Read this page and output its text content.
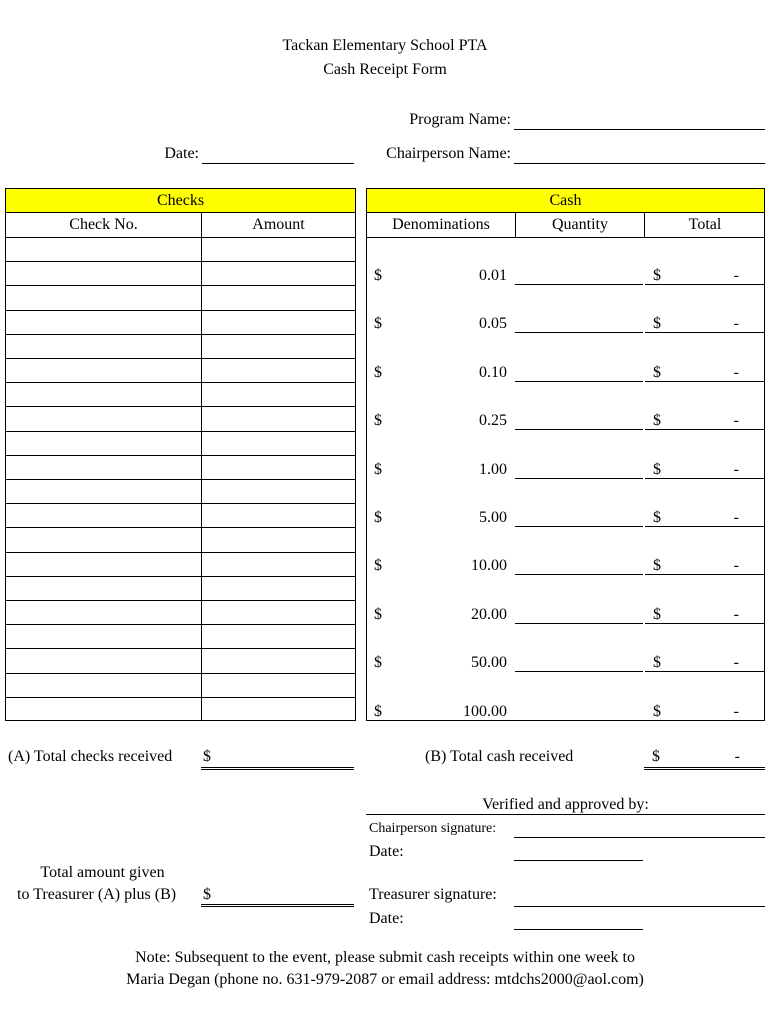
Tackan Elementary School PTA
Cash Receipt Form
Program Name:
Date:	Chairperson Name:
Checks
Check No.	Amount
Cash
Denominations	Quantity	Total
$	0.01	$	-
$	0.05	$	-
$	0.10	$	-
$	0.25	$	-
$	1.00	$	-
$	5.00	$	-
$	10.00	$	-
$	20.00	$	-
$	50.00	$	-
$	100.00	$	-
(A) Total checks received $	(B) Total cash received	$	-
Verified and approved by:
Chairperson signature:
Date:
Total amount given
to Treasurer (A) plus (B) $	Treasurer signature:
Date:
Note: Subsequent to the event, please submit cash receipts within one week to
Maria Degan (phone no. 631-979-2087 or email address: mtdchs2000@aol.com)
